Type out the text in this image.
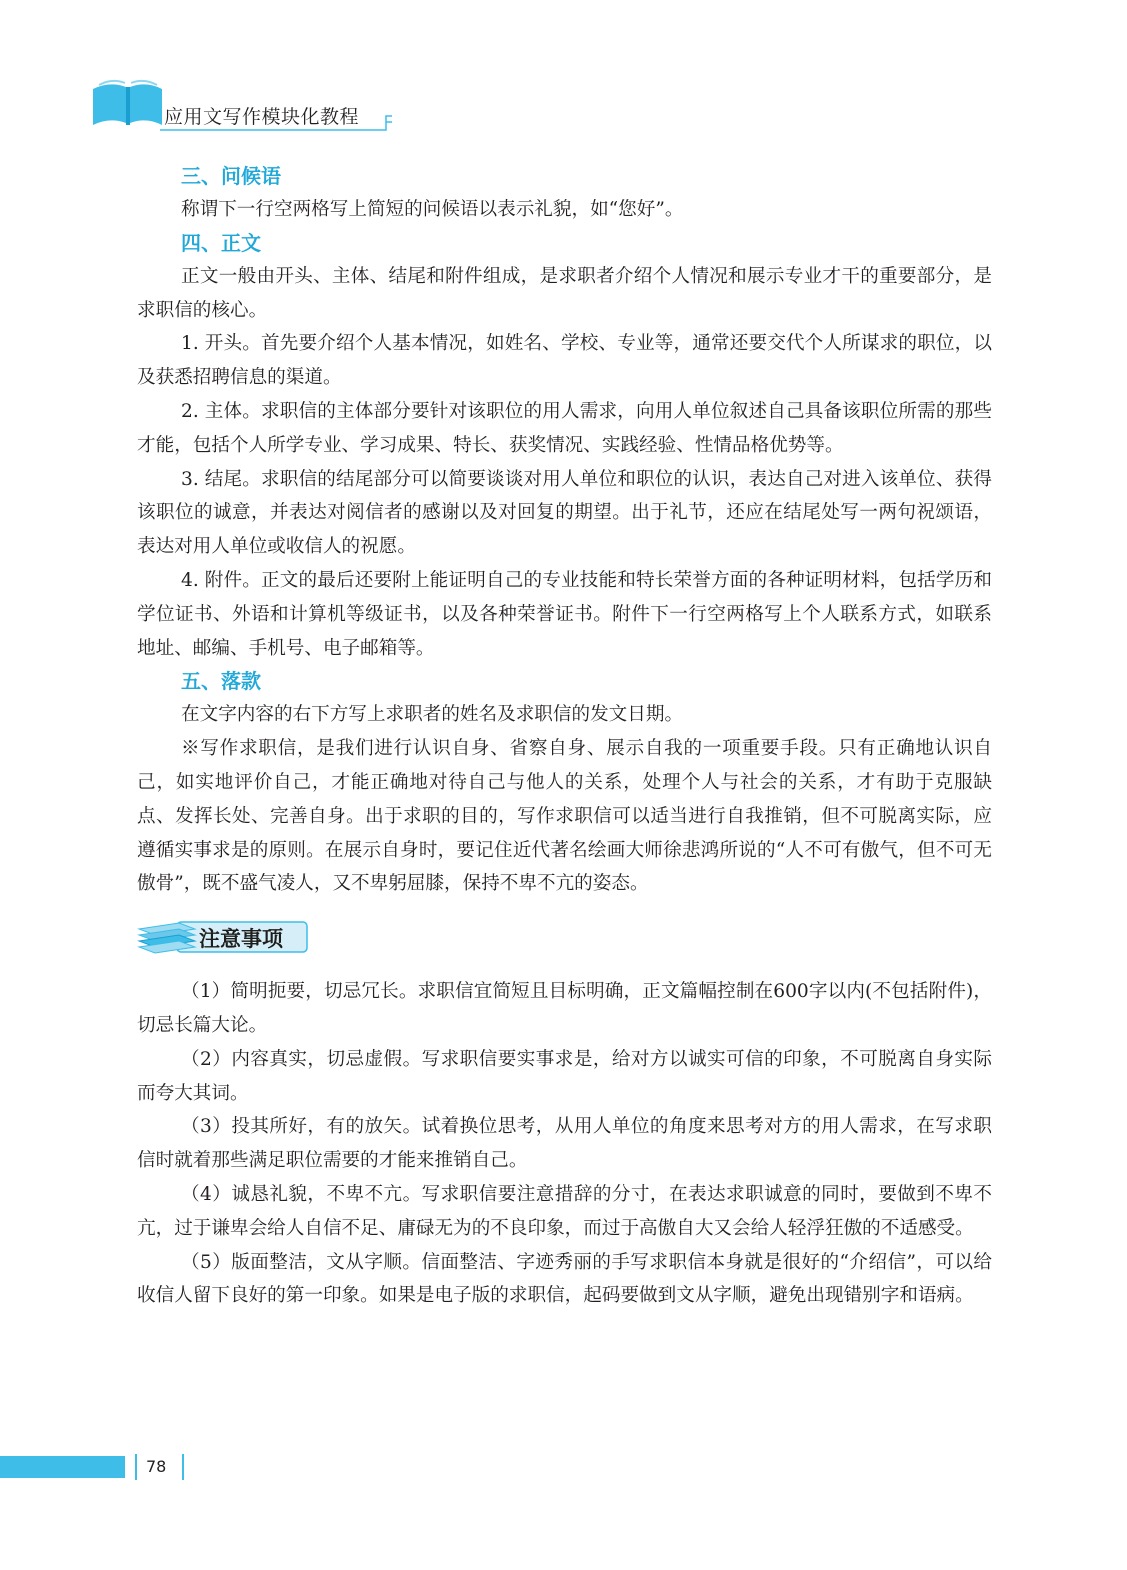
应用文写作模块化教程
三、问候语

称谓下一行空两格写上简短的问候语以表示礼貌，如“您好”。

四、正文

正文一般由开头、主体、结尾和附件组成，是求职者介绍个人情况和展示专业才干的重要部分，是求职信的核心。

1. 开头。首先要介绍个人基本情况，如姓名、学校、专业等，通常还要交代个人所谋求的职位，以及获悉招聘信息的渠道。

2. 主体。求职信的主体部分要针对该职位的用人需求，向用人单位叙述自己具备该职位所需的那些才能，包括个人所学专业、学习成果、特长、获奖情况、实践经验、性情品格优势等。

3. 结尾。求职信的结尾部分可以简要谈谈对用人单位和职位的认识，表达自己对进入该单位、获得该职位的诚意，并表达对阅信者的感谢以及对回复的期望。出于礼节，还应在结尾处写一两句祝颂语，表达对用人单位或收信人的祝愿。

4. 附件。正文的最后还要附上能证明自己的专业技能和特长荣誉方面的各种证明材料，包括学历和学位证书、外语和计算机等级证书，以及各种荣誉证书。附件下一行空两格写上个人联系方式，如联系地址、邮编、手机号、电子邮箱等。

五、落款

在文字内容的右下方写上求职者的姓名及求职信的发文日期。

※写作求职信，是我们进行认识自身、省察自身、展示自我的一项重要手段。只有正确地认识自己，如实地评价自己，才能正确地对待自己与他人的关系，处理个人与社会的关系，才有助于克服缺点、发挥长处、完善自身。出于求职的目的，写作求职信可以适当进行自我推销，但不可脱离实际，应遵循实事求是的原则。在展示自身时，要记住近代著名绘画大师徐悲鸿所说的“人不可有傲气，但不可无傲骨”，既不盛气凌人，又不卑躬屈膝，保持不卑不亢的姿态。

注意事项

（1）简明扼要，切忌冗长。求职信宜简短且目标明确，正文篇幅控制在600字以内(不包括附件)，切忌长篇大论。

（2）内容真实，切忌虚假。写求职信要实事求是，给对方以诚实可信的印象，不可脱离自身实际而夸大其词。

（3）投其所好，有的放矢。试着换位思考，从用人单位的角度来思考对方的用人需求，在写求职信时就着那些满足职位需要的才能来推销自己。

（4）诚恳礼貌，不卑不亢。写求职信要注意措辞的分寸，在表达求职诚意的同时，要做到不卑不亢，过于谦卑会给人自信不足、庸碌无为的不良印象，而过于高傲自大又会给人轻浮狂傲的不适感受。

（5）版面整洁，文从字顺。信面整洁、字迹秀丽的手写求职信本身就是很好的“介绍信”，可以给收信人留下良好的第一印象。如果是电子版的求职信，起码要做到文从字顺，避免出现错别字和语病。

78
